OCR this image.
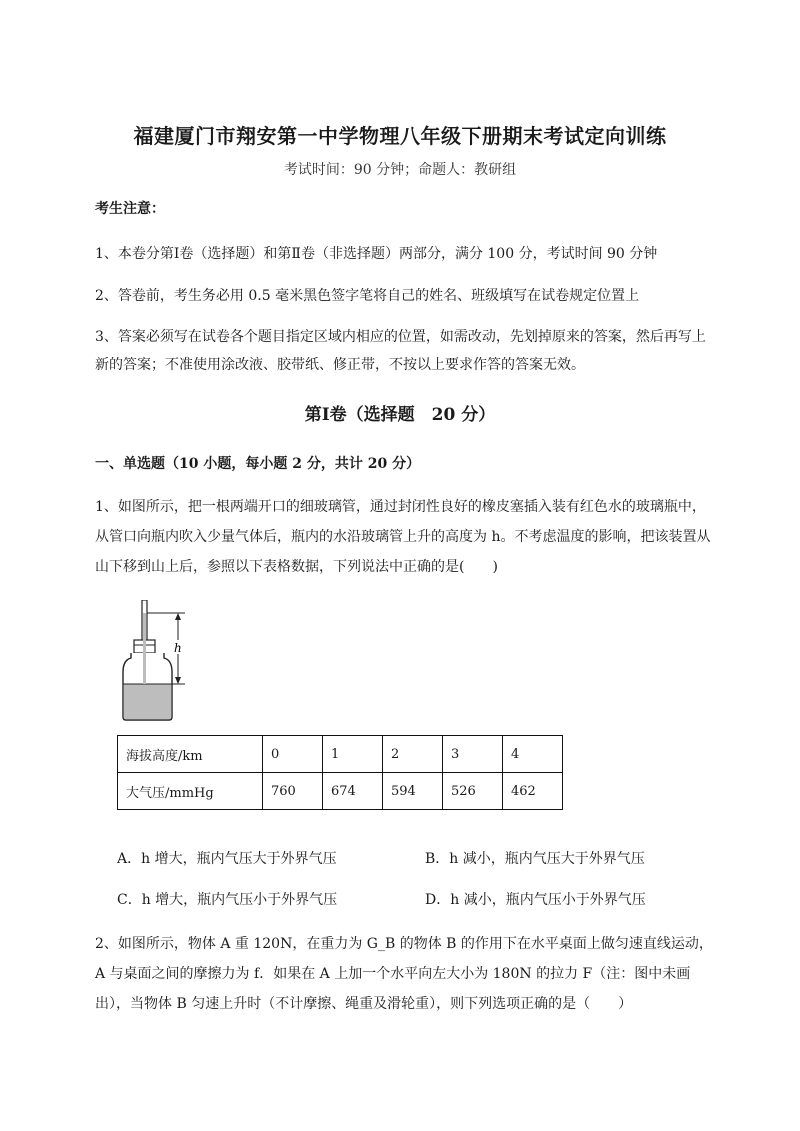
福建厦门市翔安第一中学物理八年级下册期末考试定向训练
考试时间：90 分钟；命题人：教研组
考生注意：
1、本卷分第Ⅰ卷（选择题）和第Ⅱ卷（非选择题）两部分，满分 100 分，考试时间 90 分钟
2、答卷前，考生务必用 0.5 毫米黑色签字笔将自己的姓名、班级填写在试卷规定位置上
3、答案必须写在试卷各个题目指定区域内相应的位置，如需改动，先划掉原来的答案，然后再写上新的答案；不准使用涂改液、胶带纸、修正带，不按以上要求作答的答案无效。
第Ⅰ卷（选择题　20 分）
一、单选题（10 小题，每小题 2 分，共计 20 分）
1、如图所示，把一根两端开口的细玻璃管，通过封闭性良好的橡皮塞插入装有红色水的玻璃瓶中，从管口向瓶内吹入少量气体后，瓶内的水沿玻璃管上升的高度为 h。不考虑温度的影响，把该装置从山下移到山上后，参照以下表格数据，下列说法中正确的是(　　)
h
海拔高度/km	0	1	2	3	4
大气压/mmHg	760	674	594	526	462
A．h 增大，瓶内气压大于外界气压	B．h 减小，瓶内气压大于外界气压
C．h 增大，瓶内气压小于外界气压	D．h 减小，瓶内气压小于外界气压
2、如图所示，物体 A 重 120N，在重力为 G_B 的物体 B 的作用下在水平桌面上做匀速直线运动，A 与桌面之间的摩擦力为 f．如果在 A 上加一个水平向左大小为 180N 的拉力 F（注：图中未画出），当物体 B 匀速上升时（不计摩擦、绳重及滑轮重），则下列选项正确的是（　　）
